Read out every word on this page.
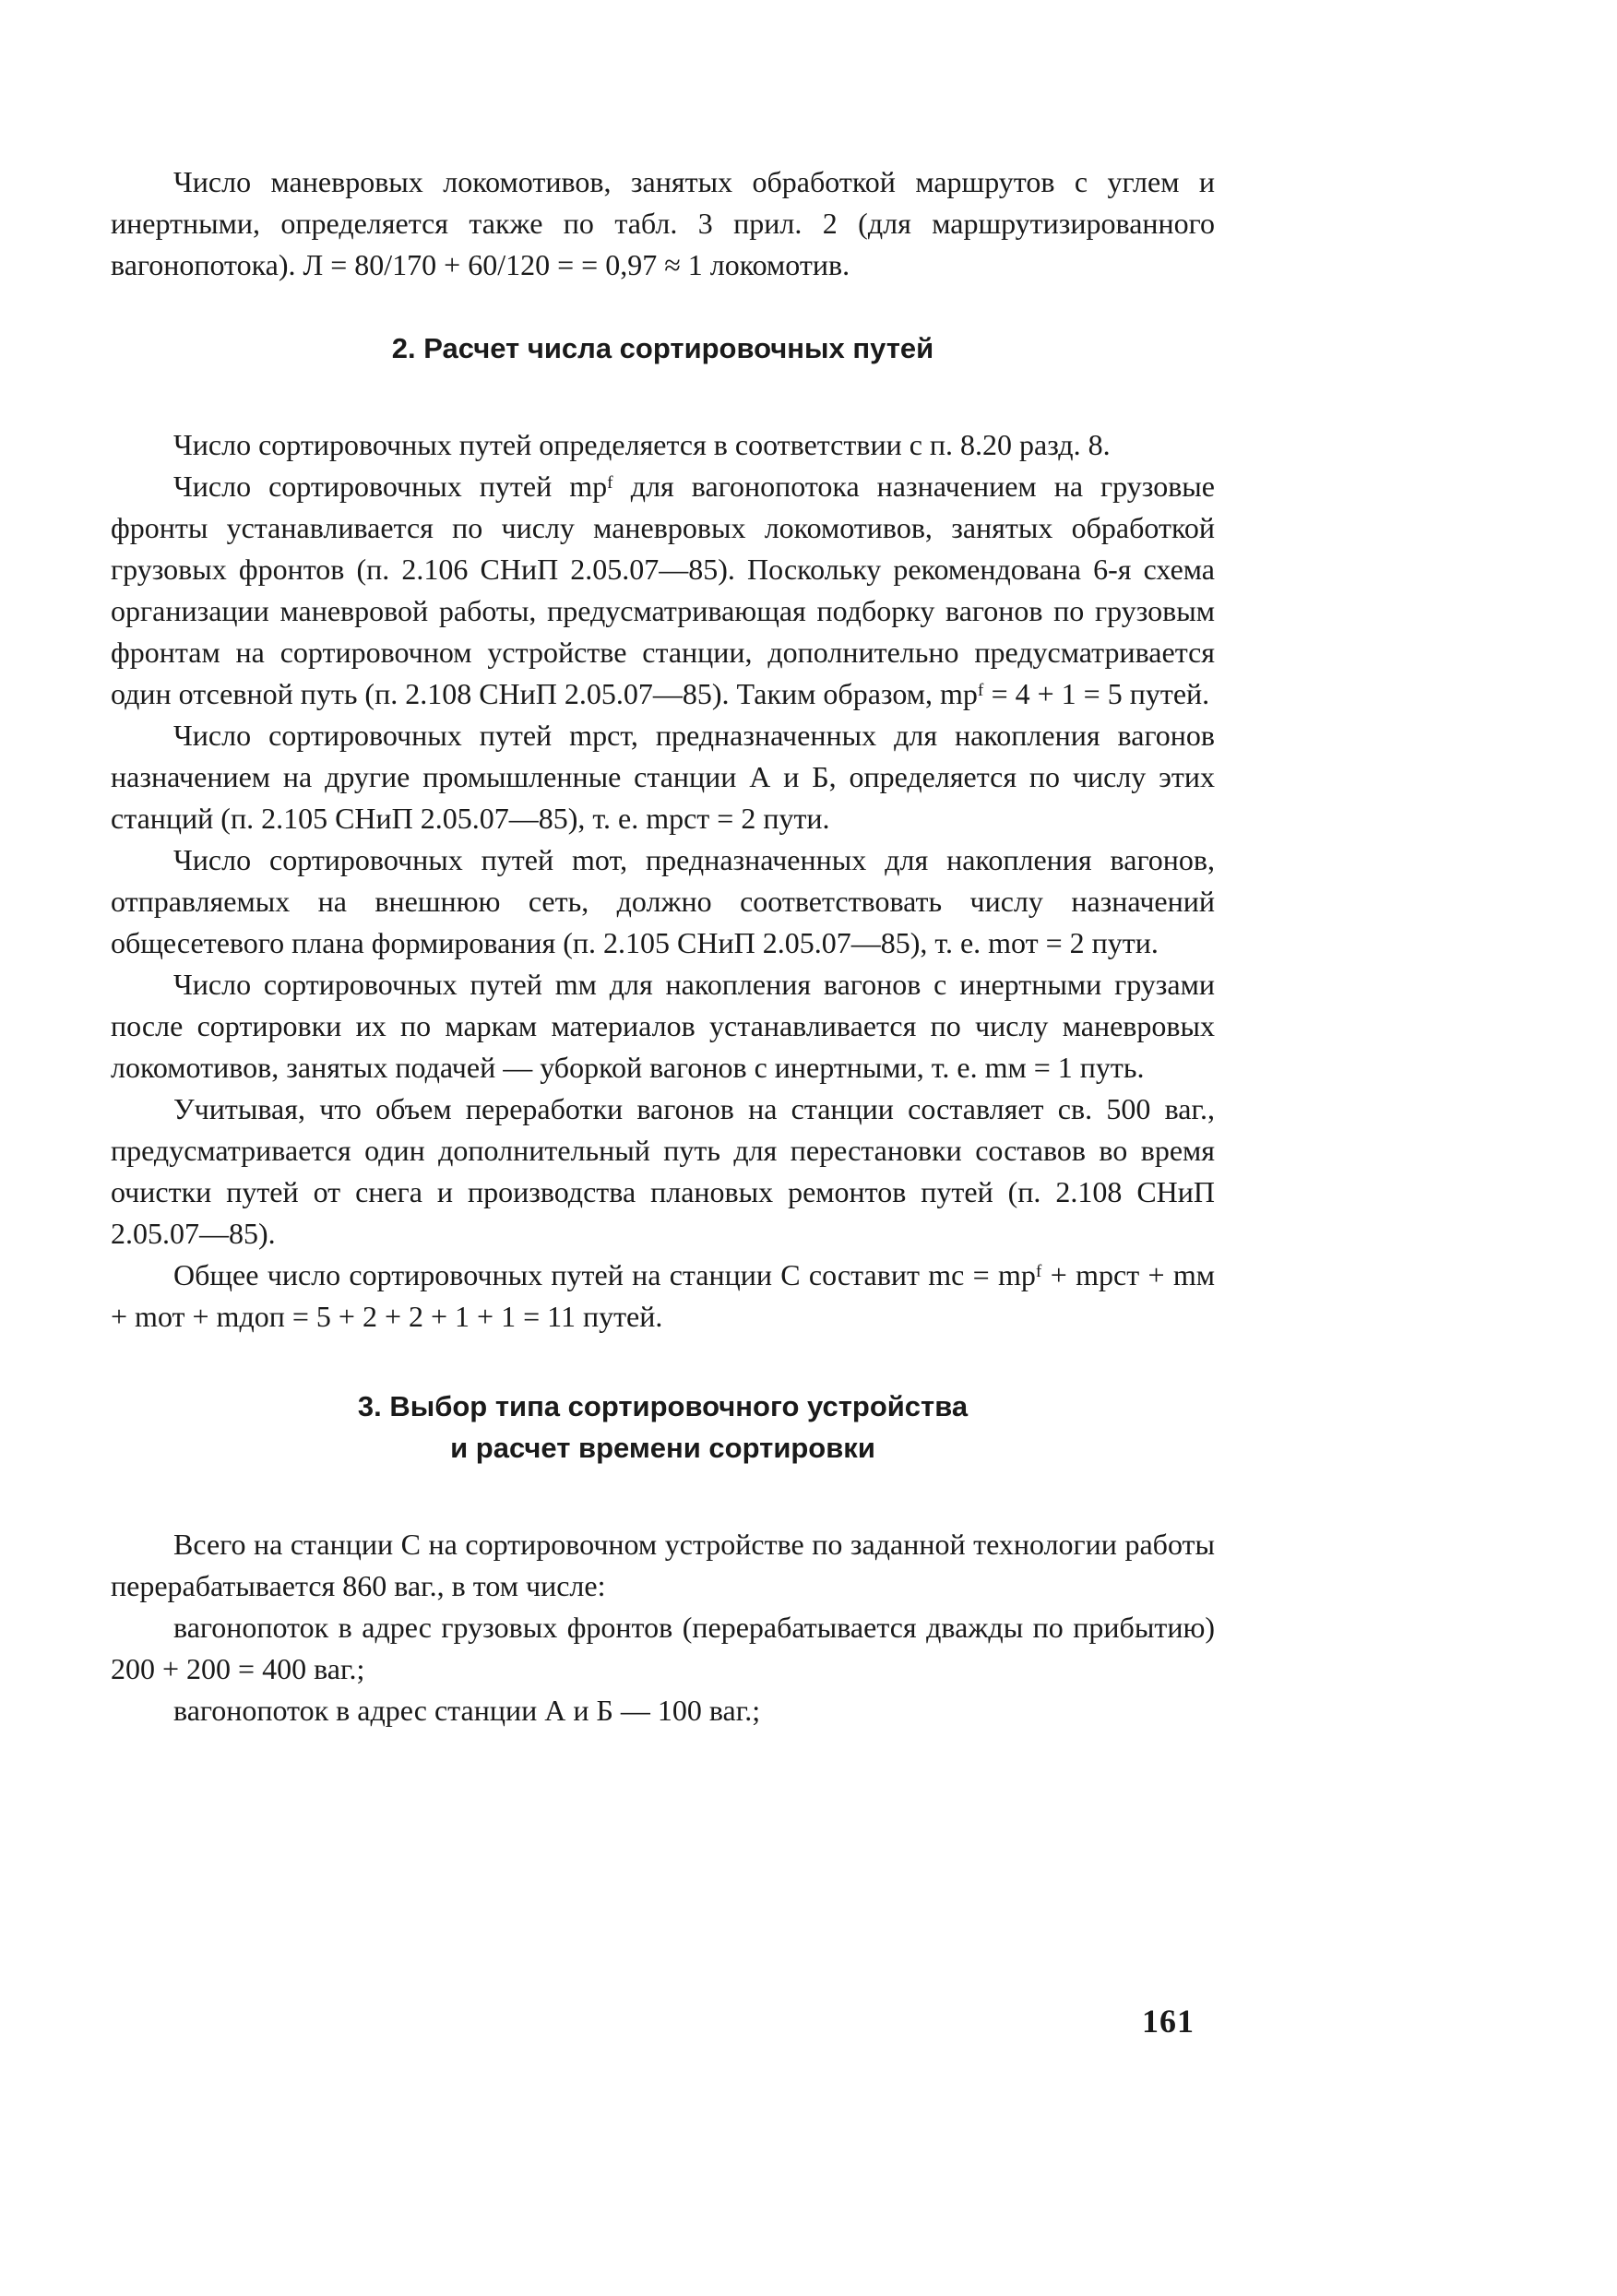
Число маневровых локомотивов, занятых обработкой маршрутов с углем и инертными, определяется также по табл. 3 прил. 2 (для маршрутизированного вагонопотока). Л = 80/170 + 60/120 = = 0,97 ≈ 1 локомотив.

2. Расчет числа сортировочных путей

Число сортировочных путей определяется в соответствии с п. 8.20 разд. 8.

Число сортировочных путей mрᶠ для вагонопотока назначением на грузовые фронты устанавливается по числу маневровых локомотивов, занятых обработкой грузовых фронтов (п. 2.106 СНиП 2.05.07—85). Поскольку рекомендована 6-я схема организации маневровой работы, предусматривающая подборку вагонов по грузовым фронтам на сортировочном устройстве станции, дополнительно предусматривается один отсевной путь (п. 2.108 СНиП 2.05.07—85). Таким образом, mрᶠ = 4 + 1 = 5 путей.

Число сортировочных путей mрст, предназначенных для накопления вагонов назначением на другие промышленные станции А и Б, определяется по числу этих станций (п. 2.105 СНиП 2.05.07—85), т. е. mрст = 2 пути.

Число сортировочных путей mот, предназначенных для накопления вагонов, отправляемых на внешнюю сеть, должно соответствовать числу назначений общесетевого плана формирования (п. 2.105 СНиП 2.05.07—85), т. е. mот = 2 пути.

Число сортировочных путей mм для накопления вагонов с инертными грузами после сортировки их по маркам материалов устанавливается по числу маневровых локомотивов, занятых подачей — уборкой вагонов с инертными, т. е. mм = 1 путь.

Учитывая, что объем переработки вагонов на станции составляет св. 500 ваг., предусматривается один дополнительный путь для перестановки составов во время очистки путей от снега и производства плановых ремонтов путей (п. 2.108 СНиП 2.05.07—85).

Общее число сортировочных путей на станции С составит mс = mрᶠ + mрст + mм + mот + mдоп = 5 + 2 + 2 + 1 + 1 = 11 путей.

3. Выбор типа сортировочного устройства
и расчет времени сортировки

Всего на станции С на сортировочном устройстве по заданной технологии работы перерабатывается 860 ваг., в том числе:

вагонопоток в адрес грузовых фронтов (перерабатывается дважды по прибытию) 200 + 200 = 400 ваг.;

вагонопоток в адрес станции А и Б — 100 ваг.;

161
